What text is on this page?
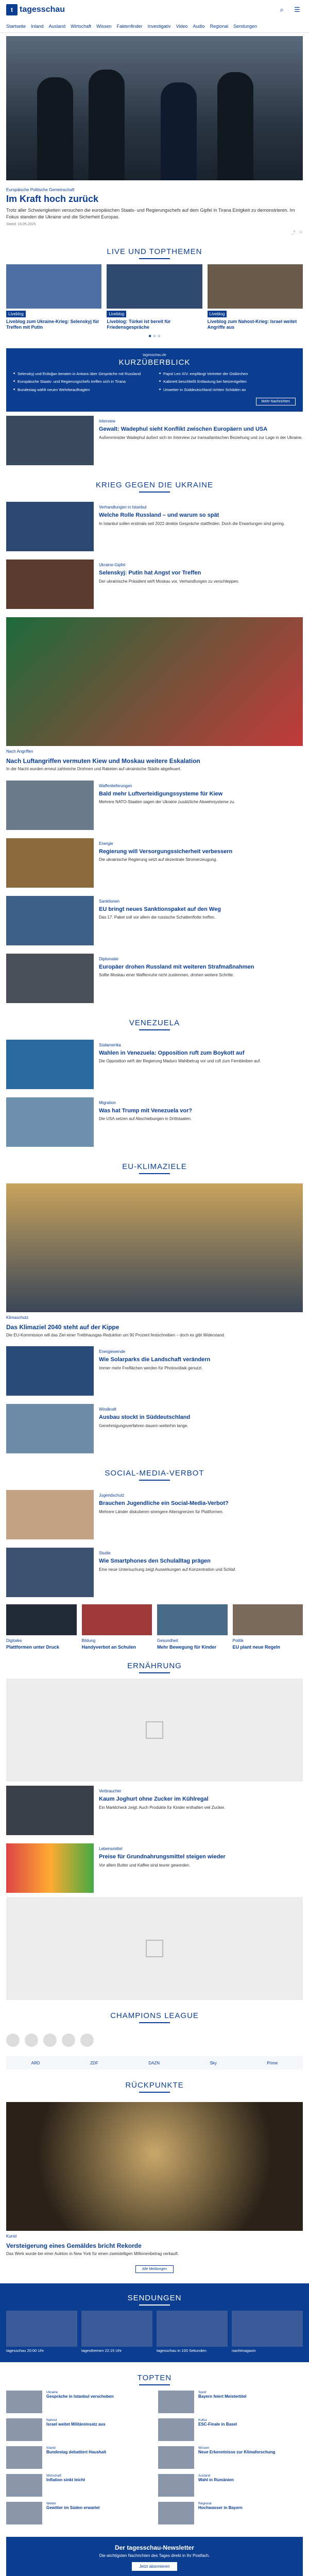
t tagesschau	⌕	☰
Startseite Inland Ausland Wirtschaft Wissen Faktenfinder Investigativ Video Audio Regional Sendungen
Europäische Politische Gemeinschaft
Im Kraft hoch zurück
Trotz aller Schwierigkeiten versuchen die europäischen Staats- und Regierungschefs auf dem Gipfel in Tirana Einigkeit zu demonstrieren. Im Fokus standen die Ukraine und die Sicherheit Europas.
Stand: 16.05.2025
⤴ ☆
LIVE UND TOPTHEMEN
Liveblog
Liveblog zum Ukraine-Krieg: Selenskyj für Treffen mit Putin
Liveblog
Liveblog: Türkei ist bereit für Friedensgespräche
Liveblog
Liveblog zum Nahost-Krieg: Israel weitet Angriffe aus
● ○ ○
tagesschau.de
KURZÜBERBLICK
■ Selenskyj und Erdoğan beraten in Ankara über Gespräche mit Russland
■ Europäische Staats- und Regierungschefs treffen sich in Tirana
■ Bundestag wählt neuen Wehrbeauftragten
■ Papst Leo XIV. empfängt Vertreter der Ostkirchen
■ Kabinett beschließt Entlastung bei Netzentgelten
■ Unwetter in Süddeutschland richten Schäden an
Mehr Nachrichten
Interview
Gewalt: Wadephul sieht Konflikt zwischen Europäern und USA
Außenminister Wadephul äußert sich im Interview zur transatlantischen Beziehung und zur Lage in der Ukraine.
KRIEG GEGEN DIE UKRAINE
Verhandlungen in Istanbul
Welche Rolle Russland – und warum so spät
In Istanbul sollen erstmals seit 2022 direkte Gespräche stattfinden. Doch die Erwartungen sind gering.
Ukraine-Gipfel
Selenskyj: Putin hat Angst vor Treffen
Der ukrainische Präsident wirft Moskau vor, Verhandlungen zu verschleppen.
Nach Angriffen
Nach Luftangriffen vermuten Kiew und Moskau weitere Eskalation
In der Nacht wurden erneut zahlreiche Drohnen und Raketen auf ukrainische Städte abgefeuert.
Waffenlieferungen
Bald mehr Luftverteidigungssysteme für Kiew
Mehrere NATO-Staaten sagen der Ukraine zusätzliche Abwehrsysteme zu.
Energie
Regierung will Versorgungssicherheit verbessern
Die ukrainische Regierung setzt auf dezentrale Stromerzeugung.
Sanktionen
EU bringt neues Sanktionspaket auf den Weg
Das 17. Paket soll vor allem die russische Schattenflotte treffen.
Diplomatie
Europäer drohen Russland mit weiteren Strafmaßnahmen
Sollte Moskau einer Waffenruhe nicht zustimmen, drohen weitere Schritte.
VENEZUELA
Südamerika
Wahlen in Venezuela: Opposition ruft zum Boykott auf
Die Opposition wirft der Regierung Maduro Wahlbetrug vor und ruft zum Fernbleiben auf.
Migration
Was hat Trump mit Venezuela vor?
Die USA setzen auf Abschiebungen in Drittstaaten.
EU-KLIMAZIELE
Klimaschutz
Das Klimaziel 2040 steht auf der Kippe
Die EU-Kommission will das Ziel einer Treibhausgas-Reduktion um 90 Prozent festschreiben – doch es gibt Widerstand.
Energiewende
Wie Solarparks die Landschaft verändern
Immer mehr Freiflächen werden für Photovoltaik genutzt.
Windkraft
Ausbau stockt in Süddeutschland
Genehmigungsverfahren dauern weiterhin lange.
SOCIAL-MEDIA-VERBOT
Jugendschutz
Brauchen Jugendliche ein Social-Media-Verbot?
Mehrere Länder diskutieren strengere Altersgrenzen für Plattformen.
Studie
Wie Smartphones den Schulalltag prägen
Eine neue Untersuchung zeigt Auswirkungen auf Konzentration und Schlaf.
Digitales
Plattformen unter Druck
Bildung
Handyverbot an Schulen
Gesundheit
Mehr Bewegung für Kinder
Politik
EU plant neue Regeln
ERNÄHRUNG
Verbraucher
Kaum Joghurt ohne Zucker im Kühlregal
Ein Marktcheck zeigt: Auch Produkte für Kinder enthalten viel Zucker.
Lebensmittel
Preise für Grundnahrungsmittel steigen wieder
Vor allem Butter und Kaffee sind teurer geworden.
CHAMPIONS LEAGUE
ARD	ZDF	DAZN	Sky	Prime
RÜCKPUNKTE
Kunst
Versteigerung eines Gemäldes bricht Rekorde
Das Werk wurde bei einer Auktion in New York für einen zweistelligen Millionenbetrag verkauft.
Alle Meldungen
SENDUNGEN
tagesschau 20:00 Uhr	tagesthemen 22:15 Uhr	tagesschau in 100 Sekunden	nachtmagazin
TOPTEN
Ukraine
Gespräche in Istanbul verschoben
Nahost
Israel weitet Militäreinsatz aus
Inland
Bundestag debattiert Haushalt
Wirtschaft
Inflation sinkt leicht
Wetter
Gewitter im Süden erwartet
Sport
Bayern feiert Meistertitel
Kultur
ESC-Finale in Basel
Wissen
Neue Erkenntnisse zur Klimaforschung
Ausland
Wahl in Rumänien
Regional
Hochwasser in Bayern
Der tagesschau-Newsletter
Die wichtigsten Nachrichten des Tages direkt in Ihr Postfach.
Jetzt abonnieren
